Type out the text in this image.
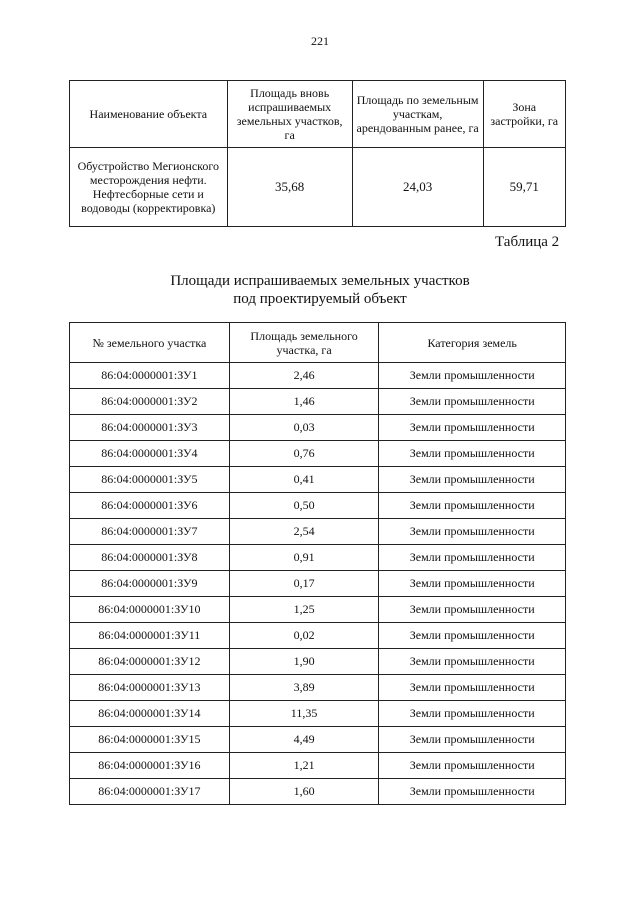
221
Наименование объекта	Площадь вновь испрашиваемых земельных участков, га	Площадь по земельным участкам, арендованным ранее, га	Зона застройки, га
Обустройство Мегионского месторождения нефти. Нефтесборные сети и водоводы (корректировка)	35,68	24,03	59,71
Таблица 2
Площади испрашиваемых земельных участков
под проектируемый объект
№ земельного участка	Площадь земельного участка, га	Категория земель
86:04:0000001:ЗУ1	2,46	Земли промышленности
86:04:0000001:ЗУ2	1,46	Земли промышленности
86:04:0000001:ЗУ3	0,03	Земли промышленности
86:04:0000001:ЗУ4	0,76	Земли промышленности
86:04:0000001:ЗУ5	0,41	Земли промышленности
86:04:0000001:ЗУ6	0,50	Земли промышленности
86:04:0000001:ЗУ7	2,54	Земли промышленности
86:04:0000001:ЗУ8	0,91	Земли промышленности
86:04:0000001:ЗУ9	0,17	Земли промышленности
86:04:0000001:ЗУ10	1,25	Земли промышленности
86:04:0000001:ЗУ11	0,02	Земли промышленности
86:04:0000001:ЗУ12	1,90	Земли промышленности
86:04:0000001:ЗУ13	3,89	Земли промышленности
86:04:0000001:ЗУ14	11,35	Земли промышленности
86:04:0000001:ЗУ15	4,49	Земли промышленности
86:04:0000001:ЗУ16	1,21	Земли промышленности
86:04:0000001:ЗУ17	1,60	Земли промышленности
